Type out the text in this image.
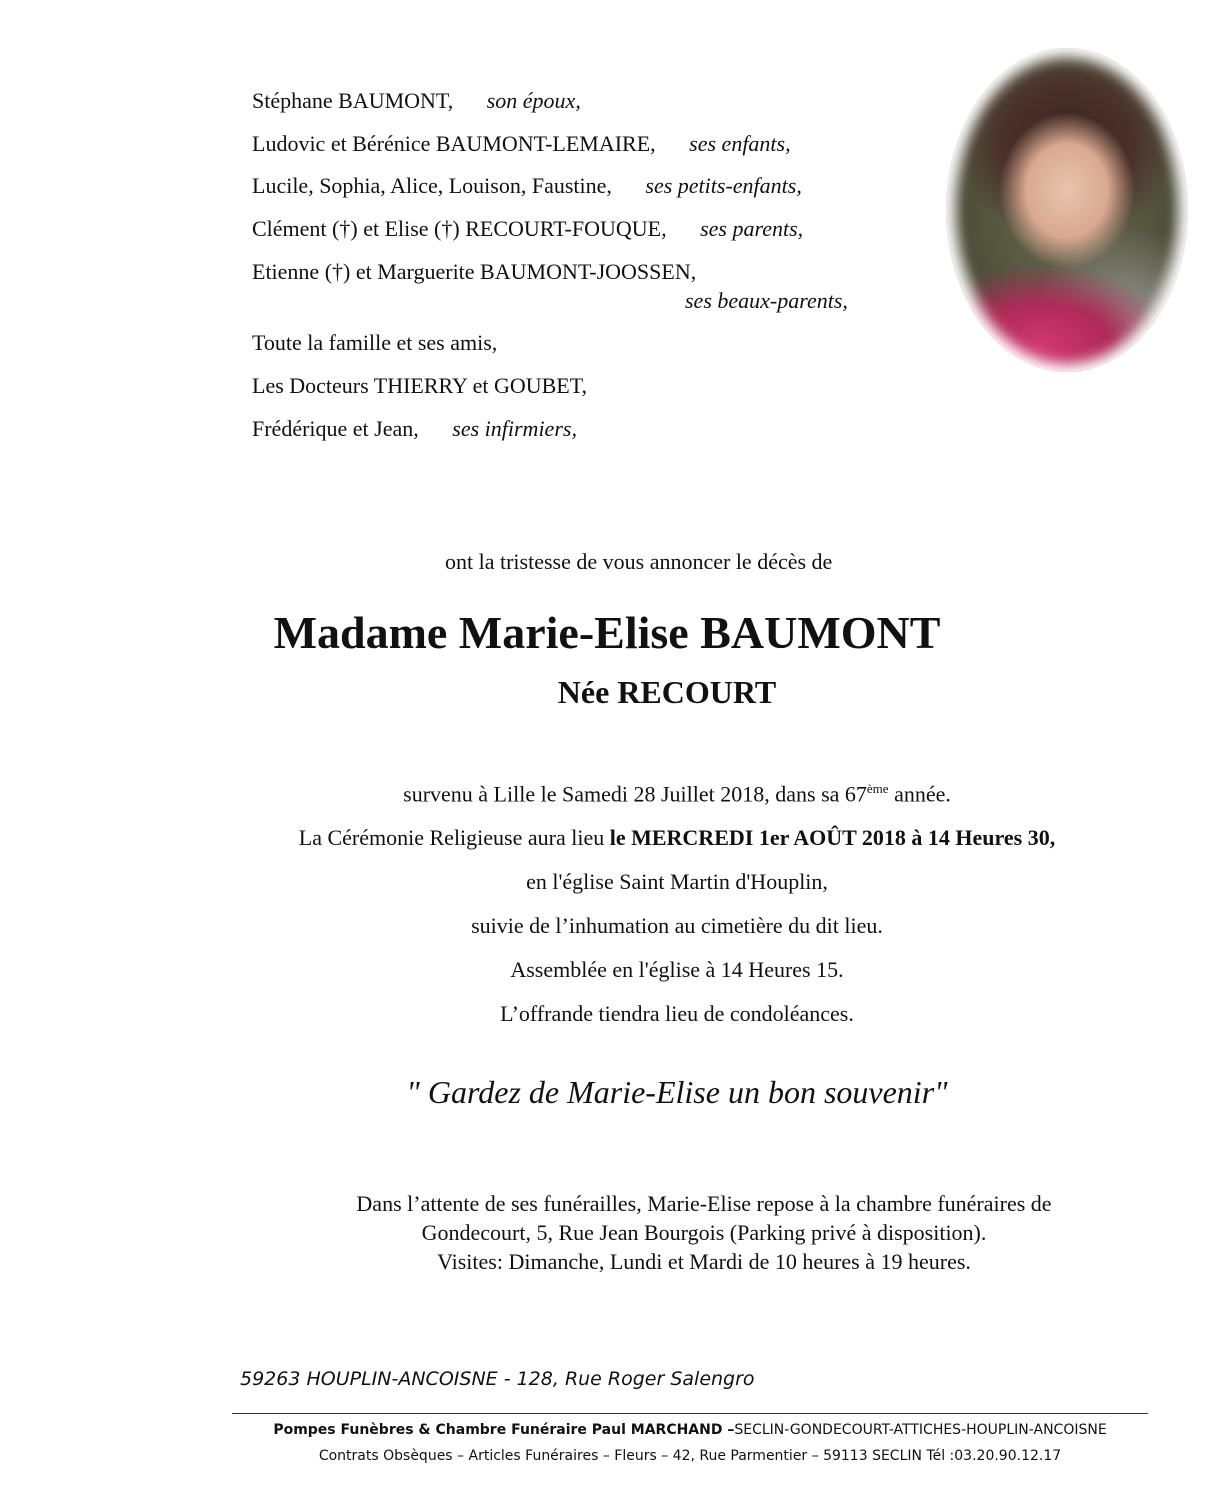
Stéphane BAUMONT, son époux,
Ludovic et Bérénice BAUMONT-LEMAIRE, ses enfants,
Lucile, Sophia, Alice, Louison, Faustine, ses petits-enfants,
Clément (†) et Elise (†) RECOURT-FOUQUE, ses parents,
Etienne (†) et Marguerite BAUMONT-JOOSSEN,
ses beaux-parents,
Toute la famille et ses amis,
Les Docteurs THIERRY et GOUBET,
Frédérique et Jean, ses infirmiers,
ont la tristesse de vous annoncer le décès de
Madame Marie-Elise BAUMONT
Née RECOURT
survenu à Lille le Samedi 28 Juillet 2018, dans sa 67ème année.
La Cérémonie Religieuse aura lieu le MERCREDI 1er AOÛT 2018 à 14 Heures 30,
en l'église Saint Martin d'Houplin,
suivie de l’inhumation au cimetière du dit lieu.
Assemblée en l'église à 14 Heures 15.
L’offrande tiendra lieu de condoléances.
" Gardez de Marie-Elise un bon souvenir"
Dans l’attente de ses funérailles, Marie-Elise repose à la chambre funéraires de
Gondecourt, 5, Rue Jean Bourgois (Parking privé à disposition).
Visites: Dimanche, Lundi et Mardi de 10 heures à 19 heures.
59263 HOUPLIN-ANCOISNE - 128, Rue Roger Salengro
Pompes Funèbres & Chambre Funéraire Paul MARCHAND –SECLIN-GONDECOURT-ATTICHES-HOUPLIN-ANCOISNE
Contrats Obsèques – Articles Funéraires – Fleurs – 42, Rue Parmentier – 59113 SECLIN Tél :03.20.90.12.17
